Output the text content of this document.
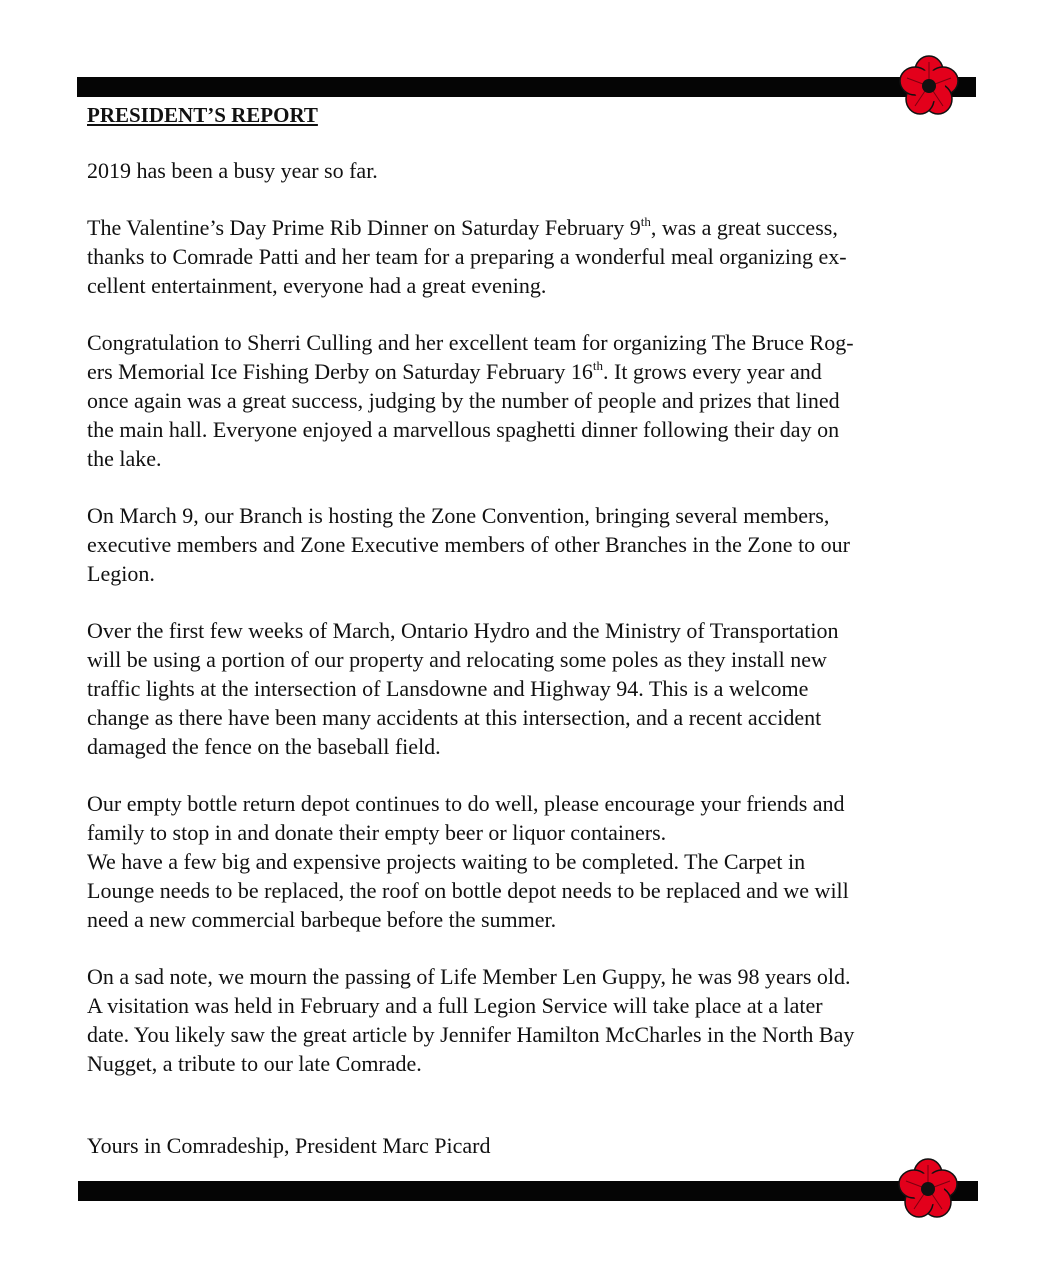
PRESIDENT’S REPORT

2019 has been a busy year so far.

The Valentine’s Day Prime Rib Dinner on Saturday February 9th, was a great success,
thanks to Comrade Patti and her team for a preparing a wonderful meal organizing ex-
cellent entertainment, everyone had a great evening.

Congratulation to Sherri Culling and her excellent team for organizing The Bruce Rog-
ers Memorial Ice Fishing Derby on Saturday February 16th. It grows every year and
once again was a great success, judging by the number of people and prizes that lined
the main hall. Everyone enjoyed a marvellous spaghetti dinner following their day on
the lake.

On March 9, our Branch is hosting the Zone Convention, bringing several members,
executive members and Zone Executive members of other Branches in the Zone to our
Legion.

Over the first few weeks of March, Ontario Hydro and the Ministry of Transportation
will be using a portion of our property and relocating some poles as they install new
traffic lights at the intersection of Lansdowne and Highway 94. This is a welcome
change as there have been many accidents at this intersection, and a recent accident
damaged the fence on the baseball field.

Our empty bottle return depot continues to do well, please encourage your friends and
family to stop in and donate their empty beer or liquor containers.
We have a few big and expensive projects waiting to be completed. The Carpet in
Lounge needs to be replaced, the roof on bottle depot needs to be replaced and we will
need a new commercial barbeque before the summer.

On a sad note, we mourn the passing of Life Member Len Guppy, he was 98 years old.
A visitation was held in February and a full Legion Service will take place at a later
date. You likely saw the great article by Jennifer Hamilton McCharles in the North Bay
Nugget, a tribute to our late Comrade.

Yours in Comradeship, President Marc Picard
